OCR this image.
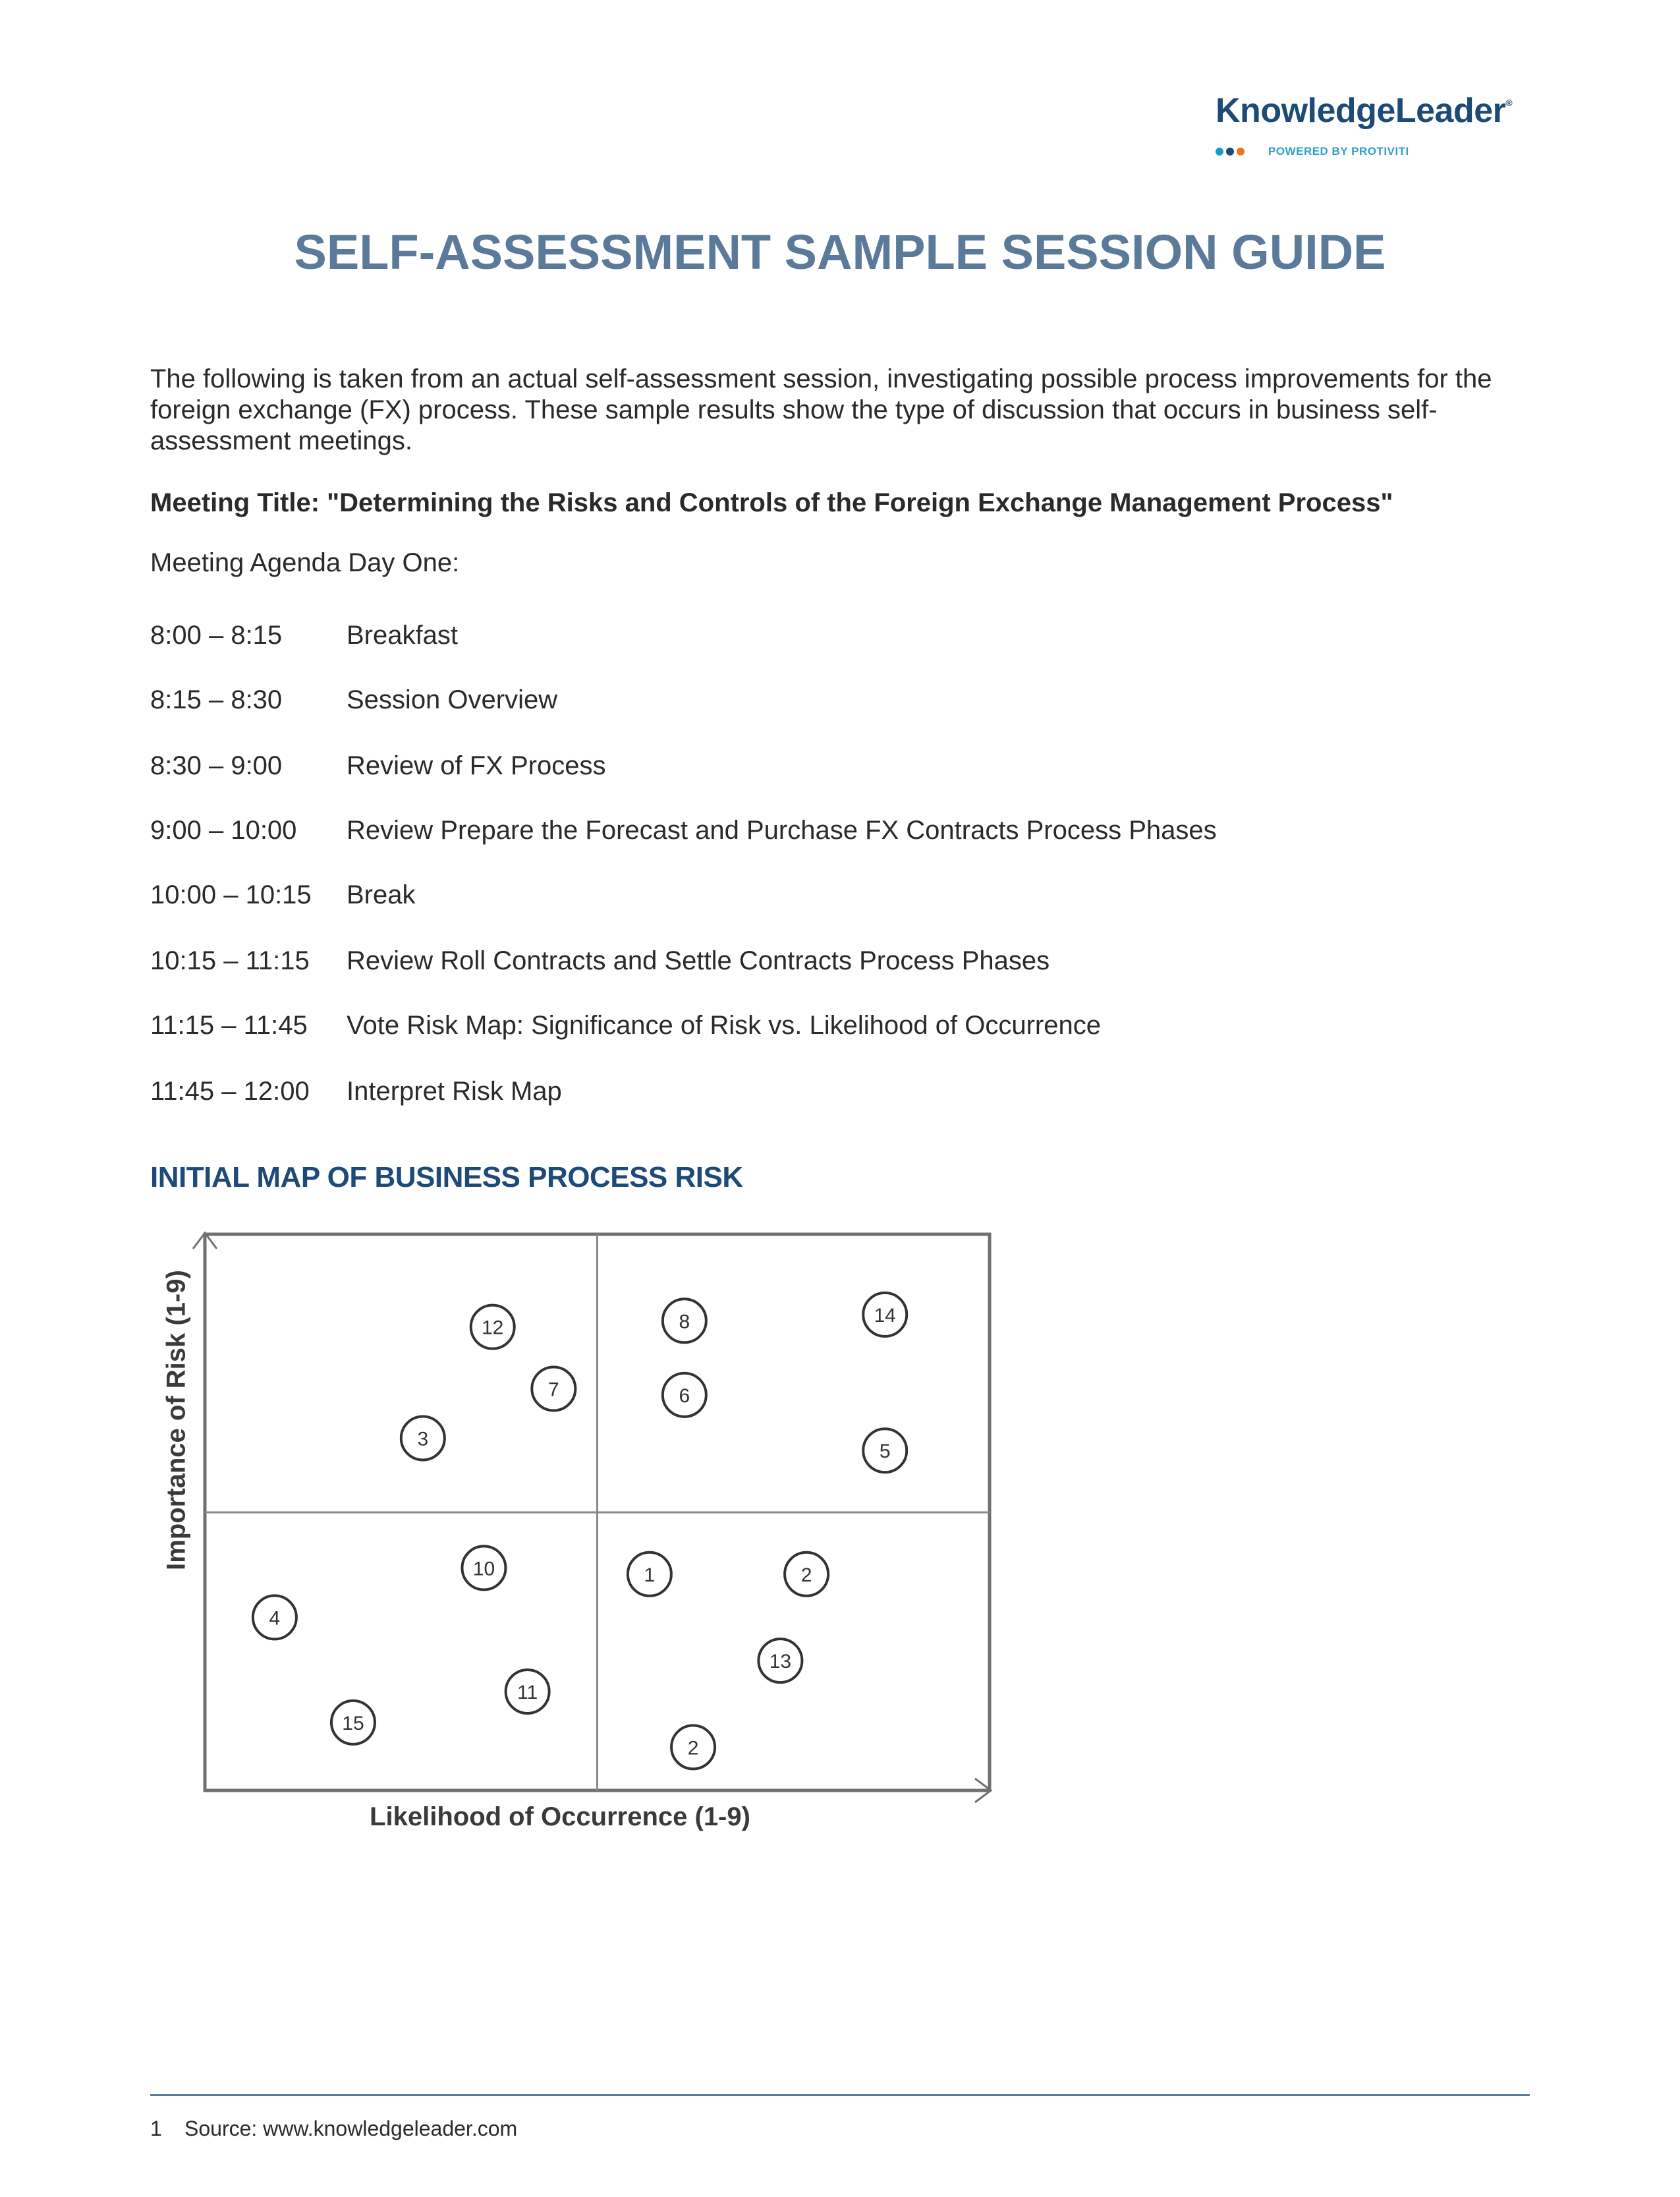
KnowledgeLeader®
POWERED BY PROTIVITI
SELF-ASSESSMENT SAMPLE SESSION GUIDE

The following is taken from an actual self-assessment session, investigating possible process improvements for the foreign exchange (FX) process. These sample results show the type of discussion that occurs in business self-assessment meetings.

Meeting Title: "Determining the Risks and Controls of the Foreign Exchange Management Process"
Meeting Agenda Day One:
8:00 – 8:15 Breakfast
8:15 – 8:30 Session Overview
8:30 – 9:00 Review of FX Process
9:00 – 10:00 Review Prepare the Forecast and Purchase FX Contracts Process Phases
10:00 – 10:15 Break
10:15 – 11:15 Review Roll Contracts and Settle Contracts Process Phases
11:15 – 11:45 Vote Risk Map: Significance of Risk vs. Likelihood of Occurrence
11:45 – 12:00 Interpret Risk Map
INITIAL MAP OF BUSINESS PROCESS RISK
12
7
3
8	14
6
5
10
4
11
15
1	2
13
2
Importance of Risk (1-9)
Likelihood of Occurrence (1-9)
1 Source: www.knowledgeleader.com
